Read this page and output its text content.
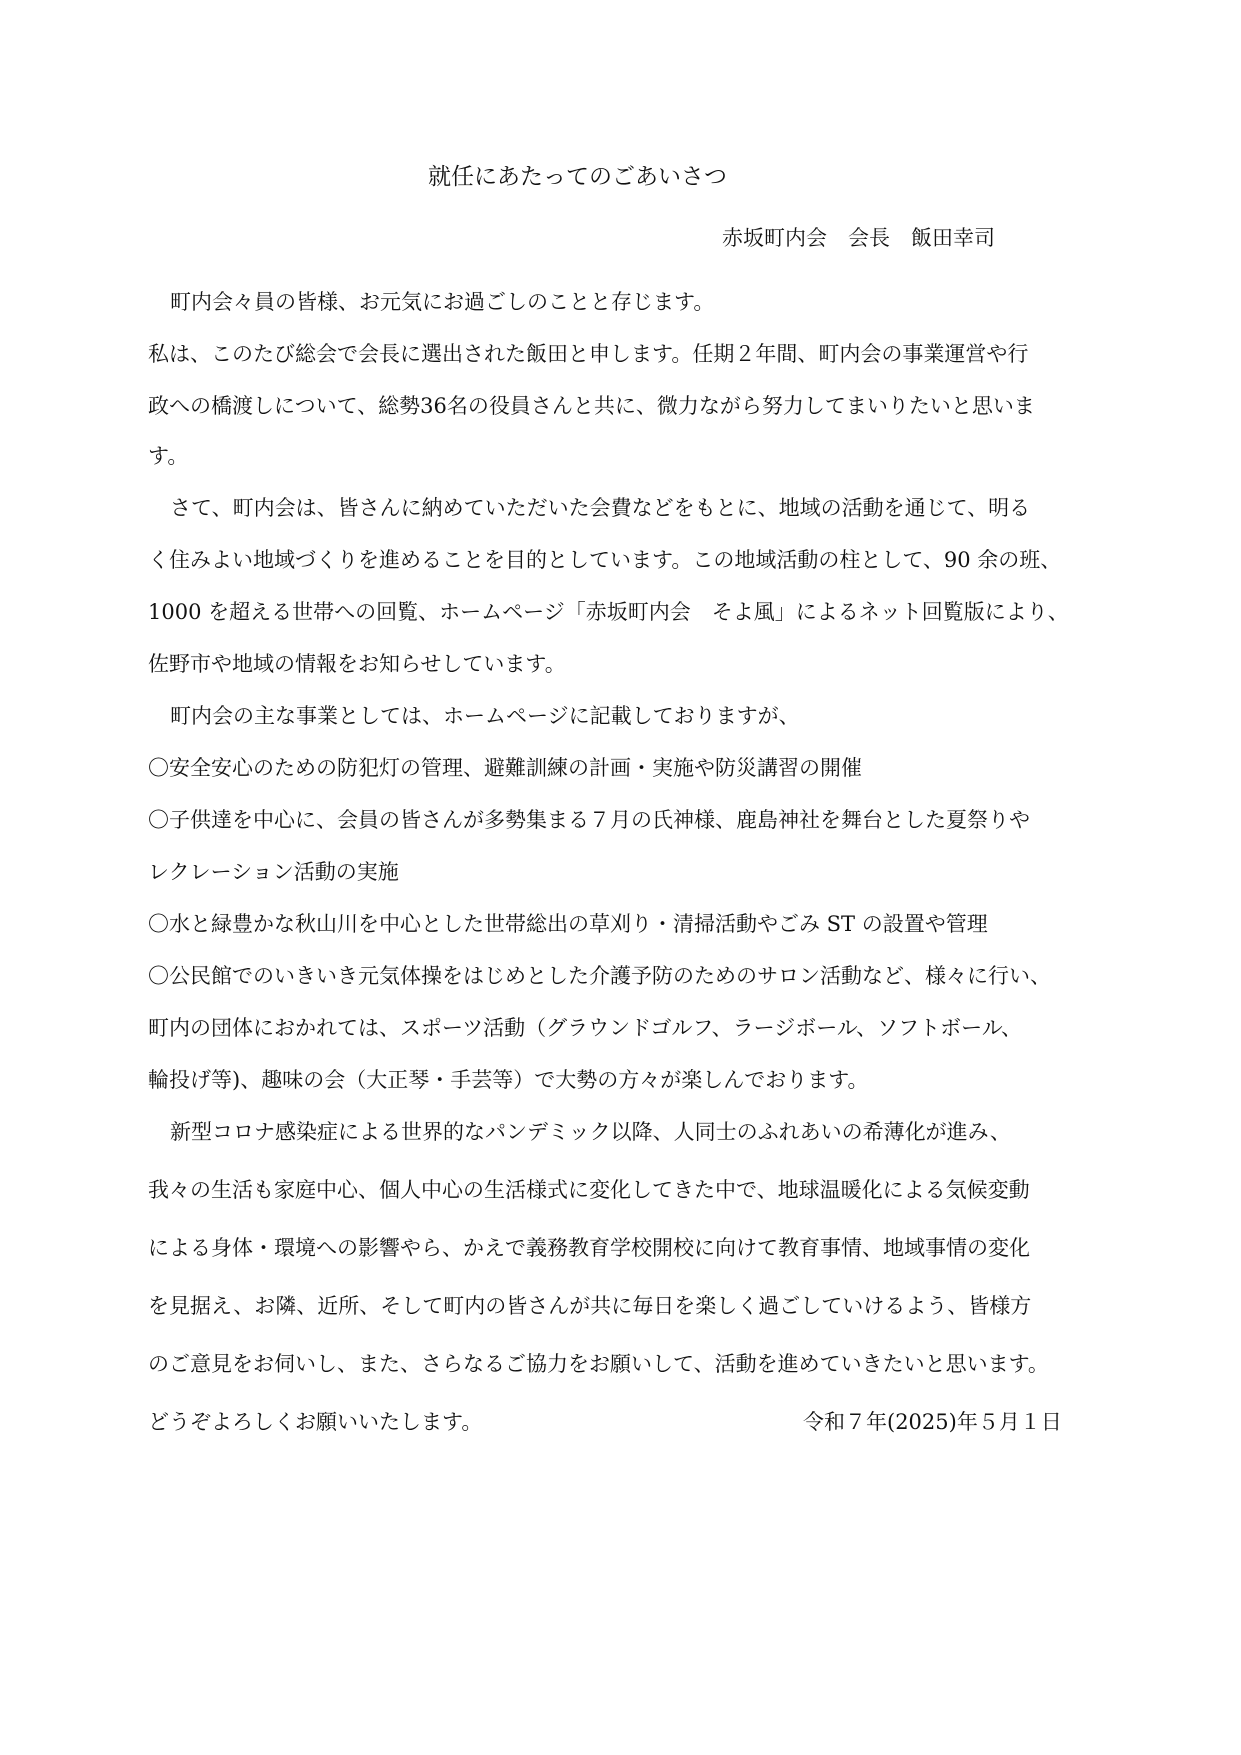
就任にあたってのごあいさつ
赤坂町内会　会長　飯田幸司
町内会々員の皆様、お元気にお過ごしのことと存じます。
私は、このたび総会で会長に選出された飯田と申します。任期２年間、町内会の事業運営や行
政への橋渡しについて、総勢36名の役員さんと共に、微力ながら努力してまいりたいと思いま
す。
さて、町内会は、皆さんに納めていただいた会費などをもとに、地域の活動を通じて、明る
く住みよい地域づくりを進めることを目的としています。この地域活動の柱として、90 余の班、
1000 を超える世帯への回覧、ホームページ「赤坂町内会　そよ風」によるネット回覧版により、
佐野市や地域の情報をお知らせしています。
町内会の主な事業としては、ホームページに記載しておりますが、
〇安全安心のための防犯灯の管理、避難訓練の計画・実施や防災講習の開催
〇子供達を中心に、会員の皆さんが多勢集まる７月の氏神様、鹿島神社を舞台とした夏祭りや
レクレーション活動の実施
〇水と緑豊かな秋山川を中心とした世帯総出の草刈り・清掃活動やごみ ST の設置や管理
〇公民館でのいきいき元気体操をはじめとした介護予防のためのサロン活動など、様々に行い、
町内の団体におかれては、スポーツ活動（グラウンドゴルフ、ラージボール、ソフトボール、
輪投げ等)、趣味の会（大正琴・手芸等）で大勢の方々が楽しんでおります。
新型コロナ感染症による世界的なパンデミック以降、人同士のふれあいの希薄化が進み、
我々の生活も家庭中心、個人中心の生活様式に変化してきた中で、地球温暖化による気候変動
による身体・環境への影響やら、かえで義務教育学校開校に向けて教育事情、地域事情の変化
を見据え、お隣、近所、そして町内の皆さんが共に毎日を楽しく過ごしていけるよう、皆様方
のご意見をお伺いし、また、さらなるご協力をお願いして、活動を進めていきたいと思います。
どうぞよろしくお願いいたします。	令和７年(2025)年５月１日
